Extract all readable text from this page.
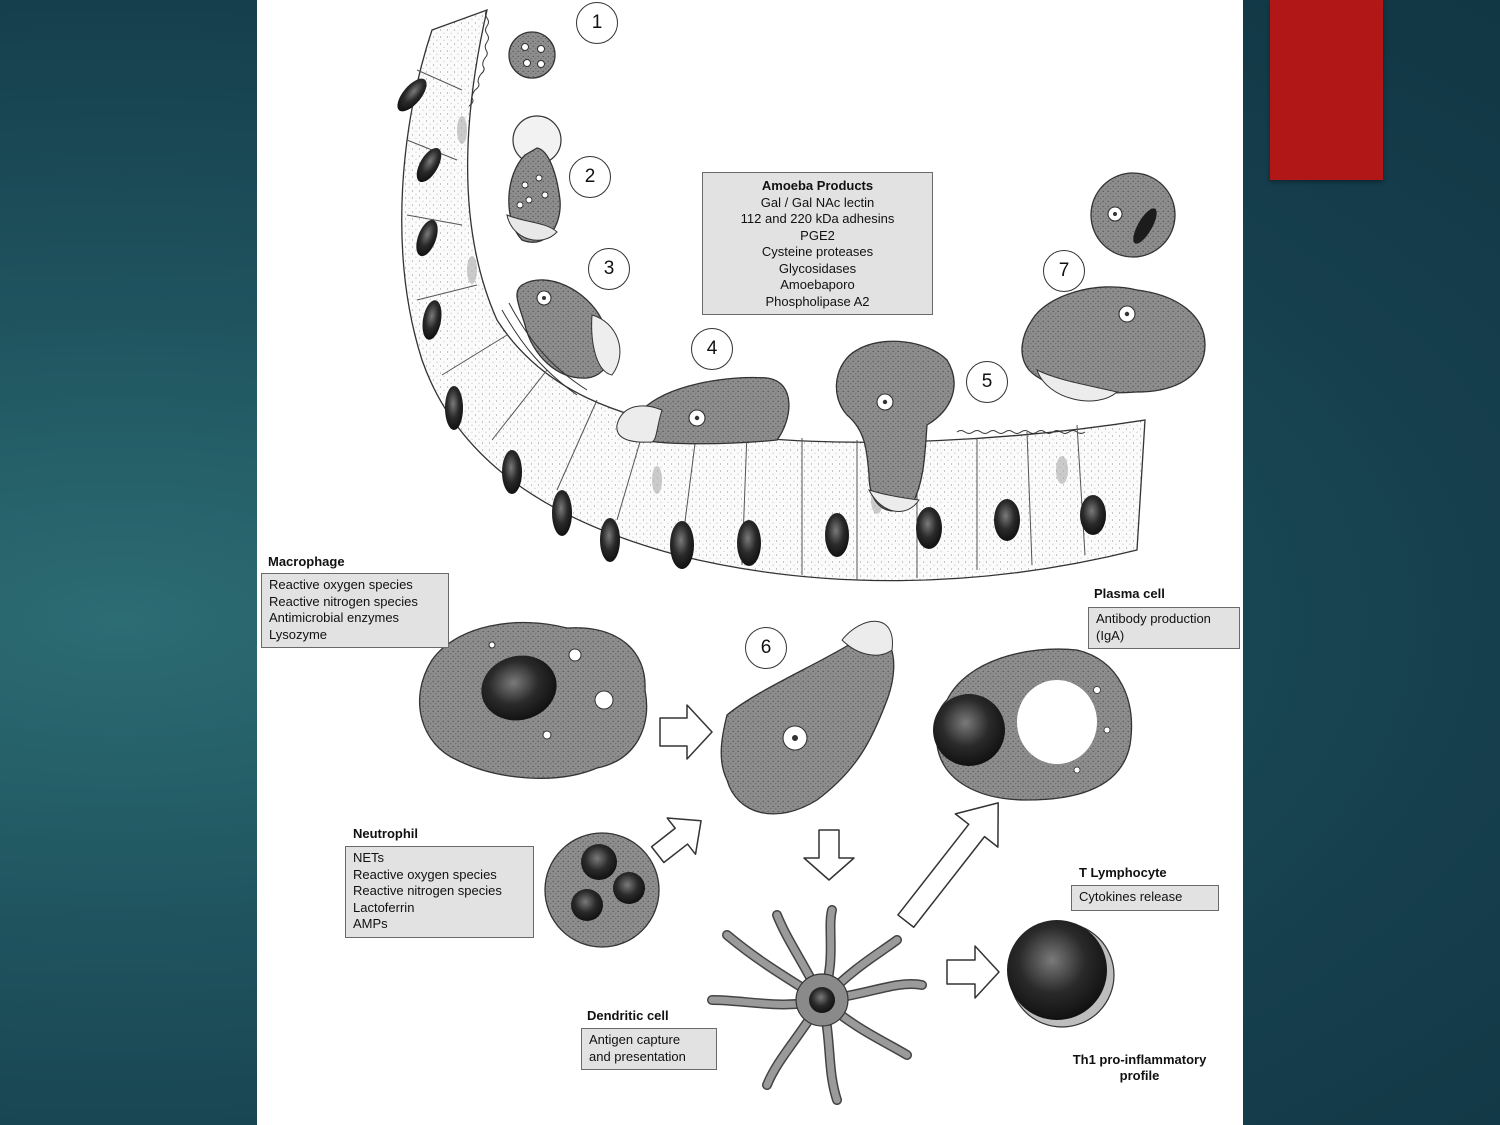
1
2
3
4
5
6
7
Amoeba Products
Gal / Gal NAc lectin
112 and 220 kDa adhesins
PGE2
Cysteine proteases
Glycosidases
Amoebaporo
Phospholipase A2
Macrophage
Reactive oxygen species
Reactive nitrogen species
Antimicrobial enzymes
Lysozyme
Neutrophil
NETs
Reactive oxygen species
Reactive nitrogen species
Lactoferrin
AMPs
Plasma cell
Antibody production
(IgA)
T Lymphocyte
Cytokines release
Dendritic cell
Antigen capture
and presentation	Th1 pro-inflammatory
profile
